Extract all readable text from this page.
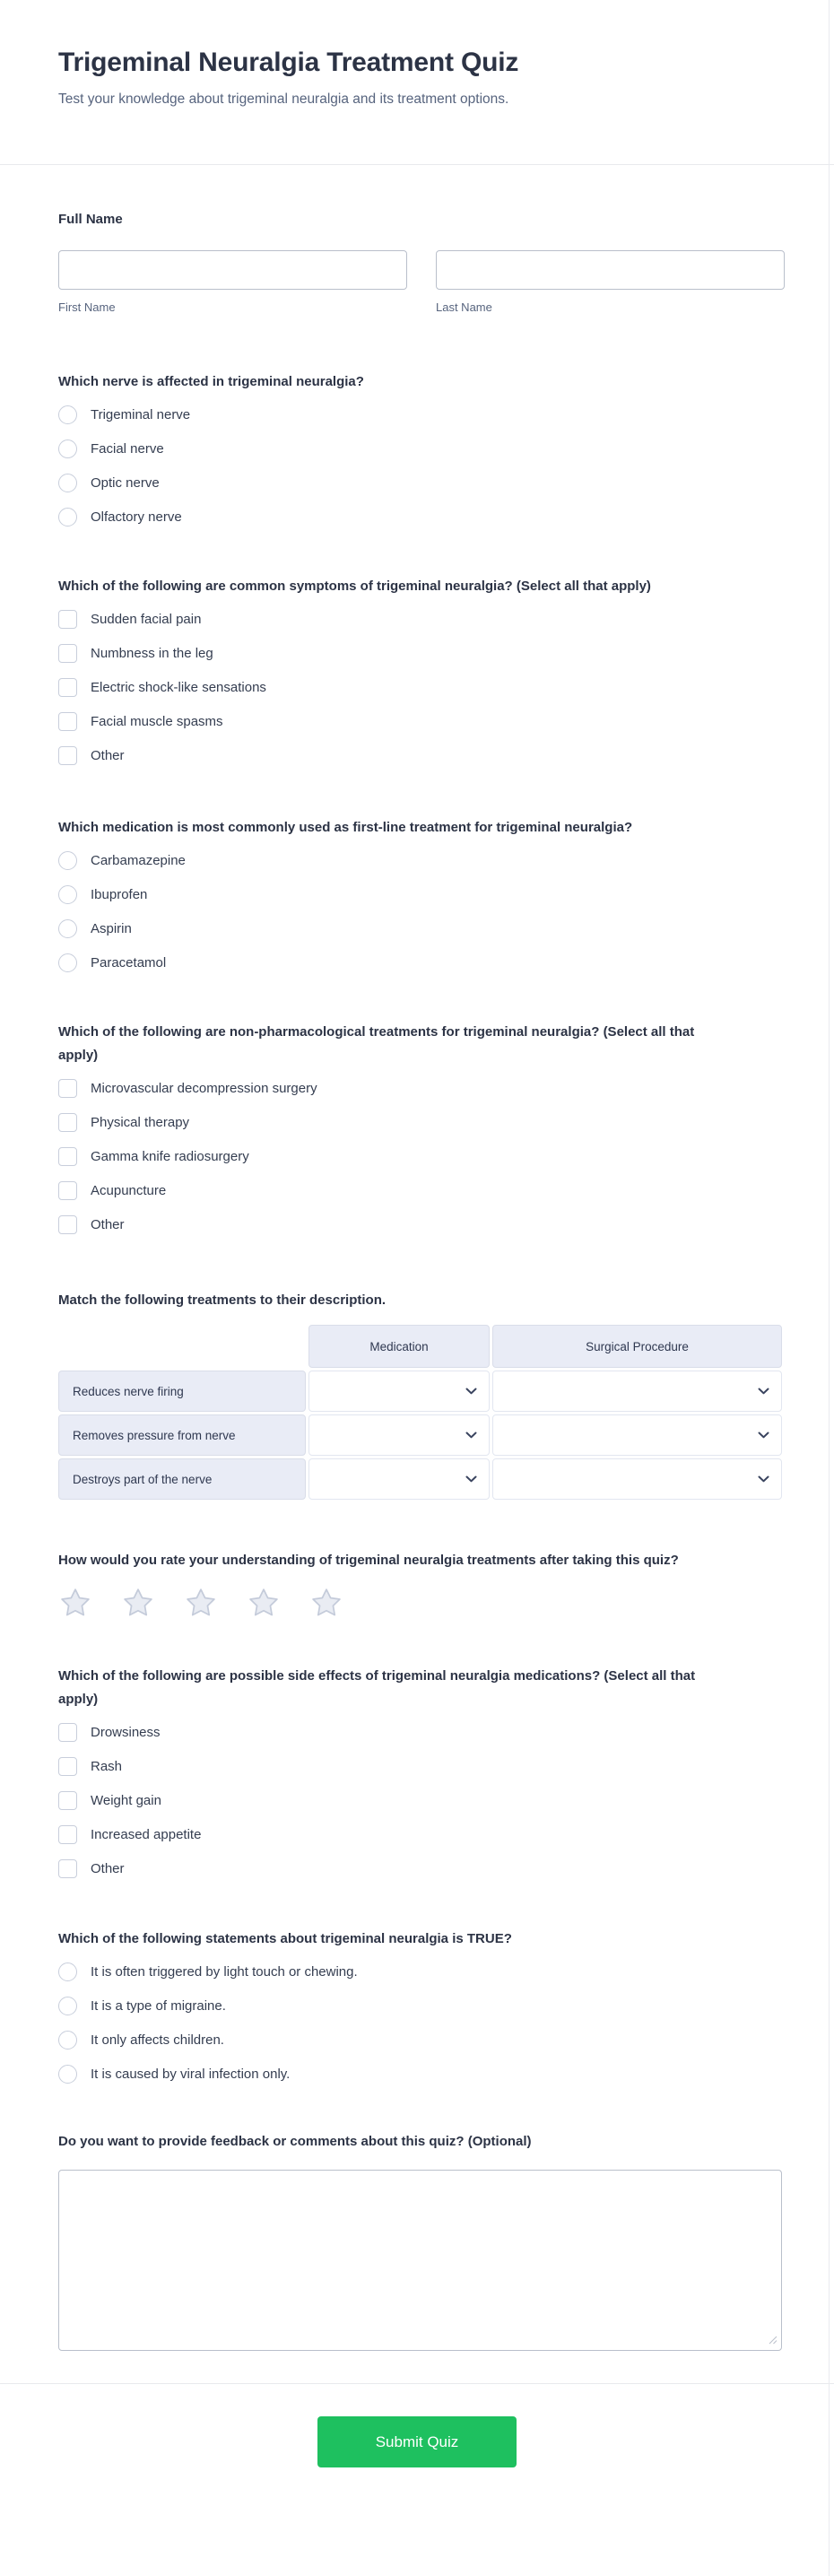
Trigeminal Neuralgia Treatment Quiz
Test your knowledge about trigeminal neuralgia and its treatment options.
Full Name
First Name	Last Name
Which nerve is affected in trigeminal neuralgia?
Trigeminal nerve
Facial nerve
Optic nerve
Olfactory nerve
Which of the following are common symptoms of trigeminal neuralgia? (Select all that apply)
Sudden facial pain
Numbness in the leg
Electric shock-like sensations
Facial muscle spasms
Other
Which medication is most commonly used as first-line treatment for trigeminal neuralgia?
Carbamazepine
Ibuprofen
Aspirin
Paracetamol
Which of the following are non-pharmacological treatments for trigeminal neuralgia? (Select all that apply)
Microvascular decompression surgery
Physical therapy
Gamma knife radiosurgery
Acupuncture
Other
Match the following treatments to their description.
Medication	Surgical Procedure
Reduces nerve firing
Removes pressure from nerve
Destroys part of the nerve
How would you rate your understanding of trigeminal neuralgia treatments after taking this quiz?
Which of the following are possible side effects of trigeminal neuralgia medications? (Select all that apply)
Drowsiness
Rash
Weight gain
Increased appetite
Other
Which of the following statements about trigeminal neuralgia is TRUE?
It is often triggered by light touch or chewing.
It is a type of migraine.
It only affects children.
It is caused by viral infection only.
Do you want to provide feedback or comments about this quiz? (Optional)
Submit Quiz
